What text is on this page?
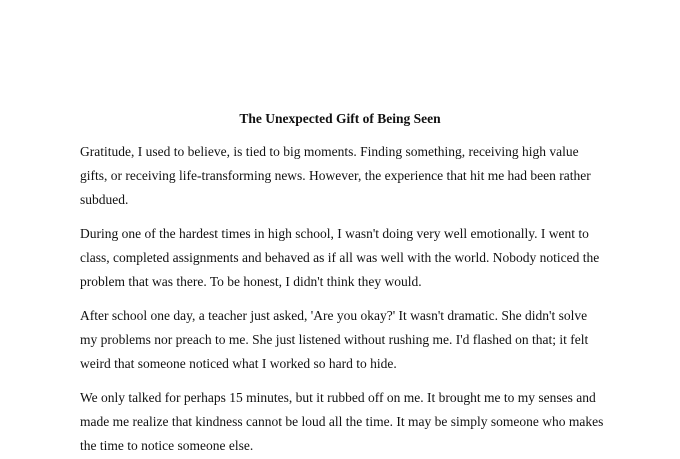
The Unexpected Gift of Being Seen

Gratitude, I used to believe, is tied to big moments. Finding something, receiving high value
gifts, or receiving life-transforming news. However, the experience that hit me had been rather
subdued.

During one of the hardest times in high school, I wasn't doing very well emotionally. I went to
class, completed assignments and behaved as if all was well with the world. Nobody noticed the
problem that was there. To be honest, I didn't think they would.

After school one day, a teacher just asked, 'Are you okay?' It wasn't dramatic. She didn't solve
my problems nor preach to me. She just listened without rushing me. I'd flashed on that; it felt
weird that someone noticed what I worked so hard to hide.

We only talked for perhaps 15 minutes, but it rubbed off on me. It brought me to my senses and
made me realize that kindness cannot be loud all the time. It may be simply someone who makes
the time to notice someone else.
